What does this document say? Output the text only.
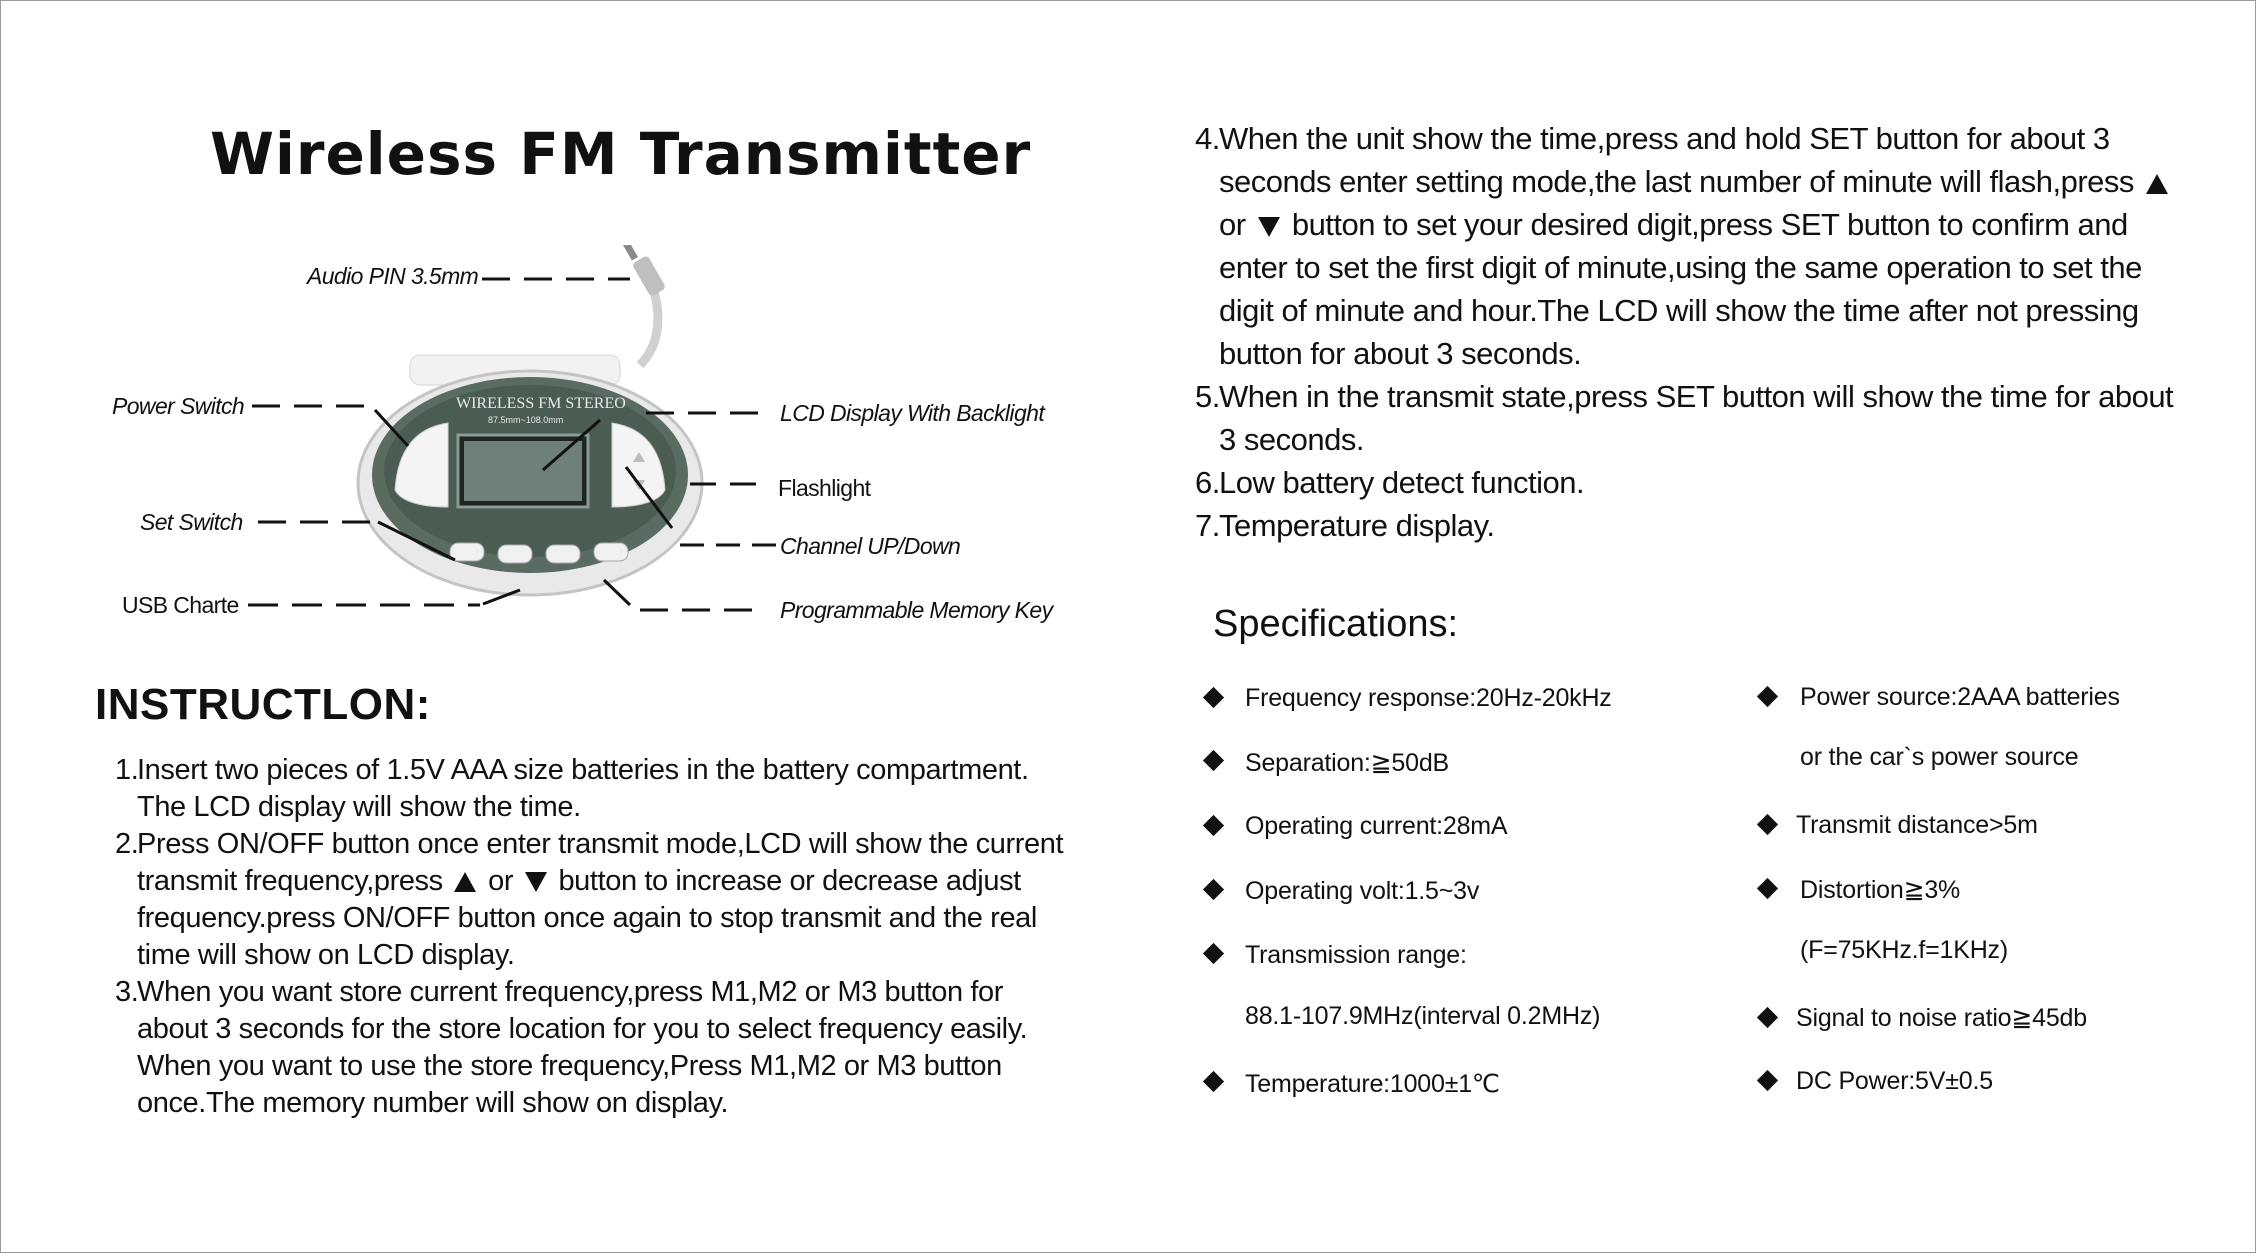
Wireless FM Transmitter
WIRELESS FM STEREO
87.5mm~108.0mm
Audio PIN 3.5mm
Power Switch
Set Switch
USB Charte
LCD Display With Backlight
Flashlight
Channel UP/Down
Programmable Memory Key
INSTRUCTLON:

1.
Insert two pieces of 1.5V AAA size batteries in the battery compartment. The LCD display will show the time.

2.
Press ON/OFF button once enter transmit mode,LCD will show the current transmit frequency,press or button to increase or decrease adjust frequency.press ON/OFF button once again to stop transmit and the real time will show on LCD display.

3.
When you want store current frequency,press M1,M2 or M3 button for about 3 seconds for the store location for you to select frequency easily. When you want to use the store frequency,Press M1,M2 or M3 button once.The memory number will show on display.

4. When the unit show the time,press and hold SET button for about 3 seconds enter setting mode,the last number of minute will flash,press  or button to set your desired digit,press SET button to confirm and enter to set the first digit of minute,using the same operation to set the digit of minute and hour.The LCD will show the time after not pressing button for about 3 seconds.

5. When in the transmit state,press SET button will show the time for about 3 seconds.

6. Low battery detect function.

7. Temperature display.

Specifications:
Frequency response:20Hz-20kHz
Separation:≧50dB
Operating current:28mA
Operating volt:1.5~3v
Transmission range:
88.1-107.9MHz(interval 0.2MHz)
Temperature:1000±1℃
Power source:2AAA batteries
or the car`s power source
Transmit distance>5m
Distortion≧3%
(F=75KHz.f=1KHz)
Signal to noise ratio≧45db
DC Power:5V±0.5
